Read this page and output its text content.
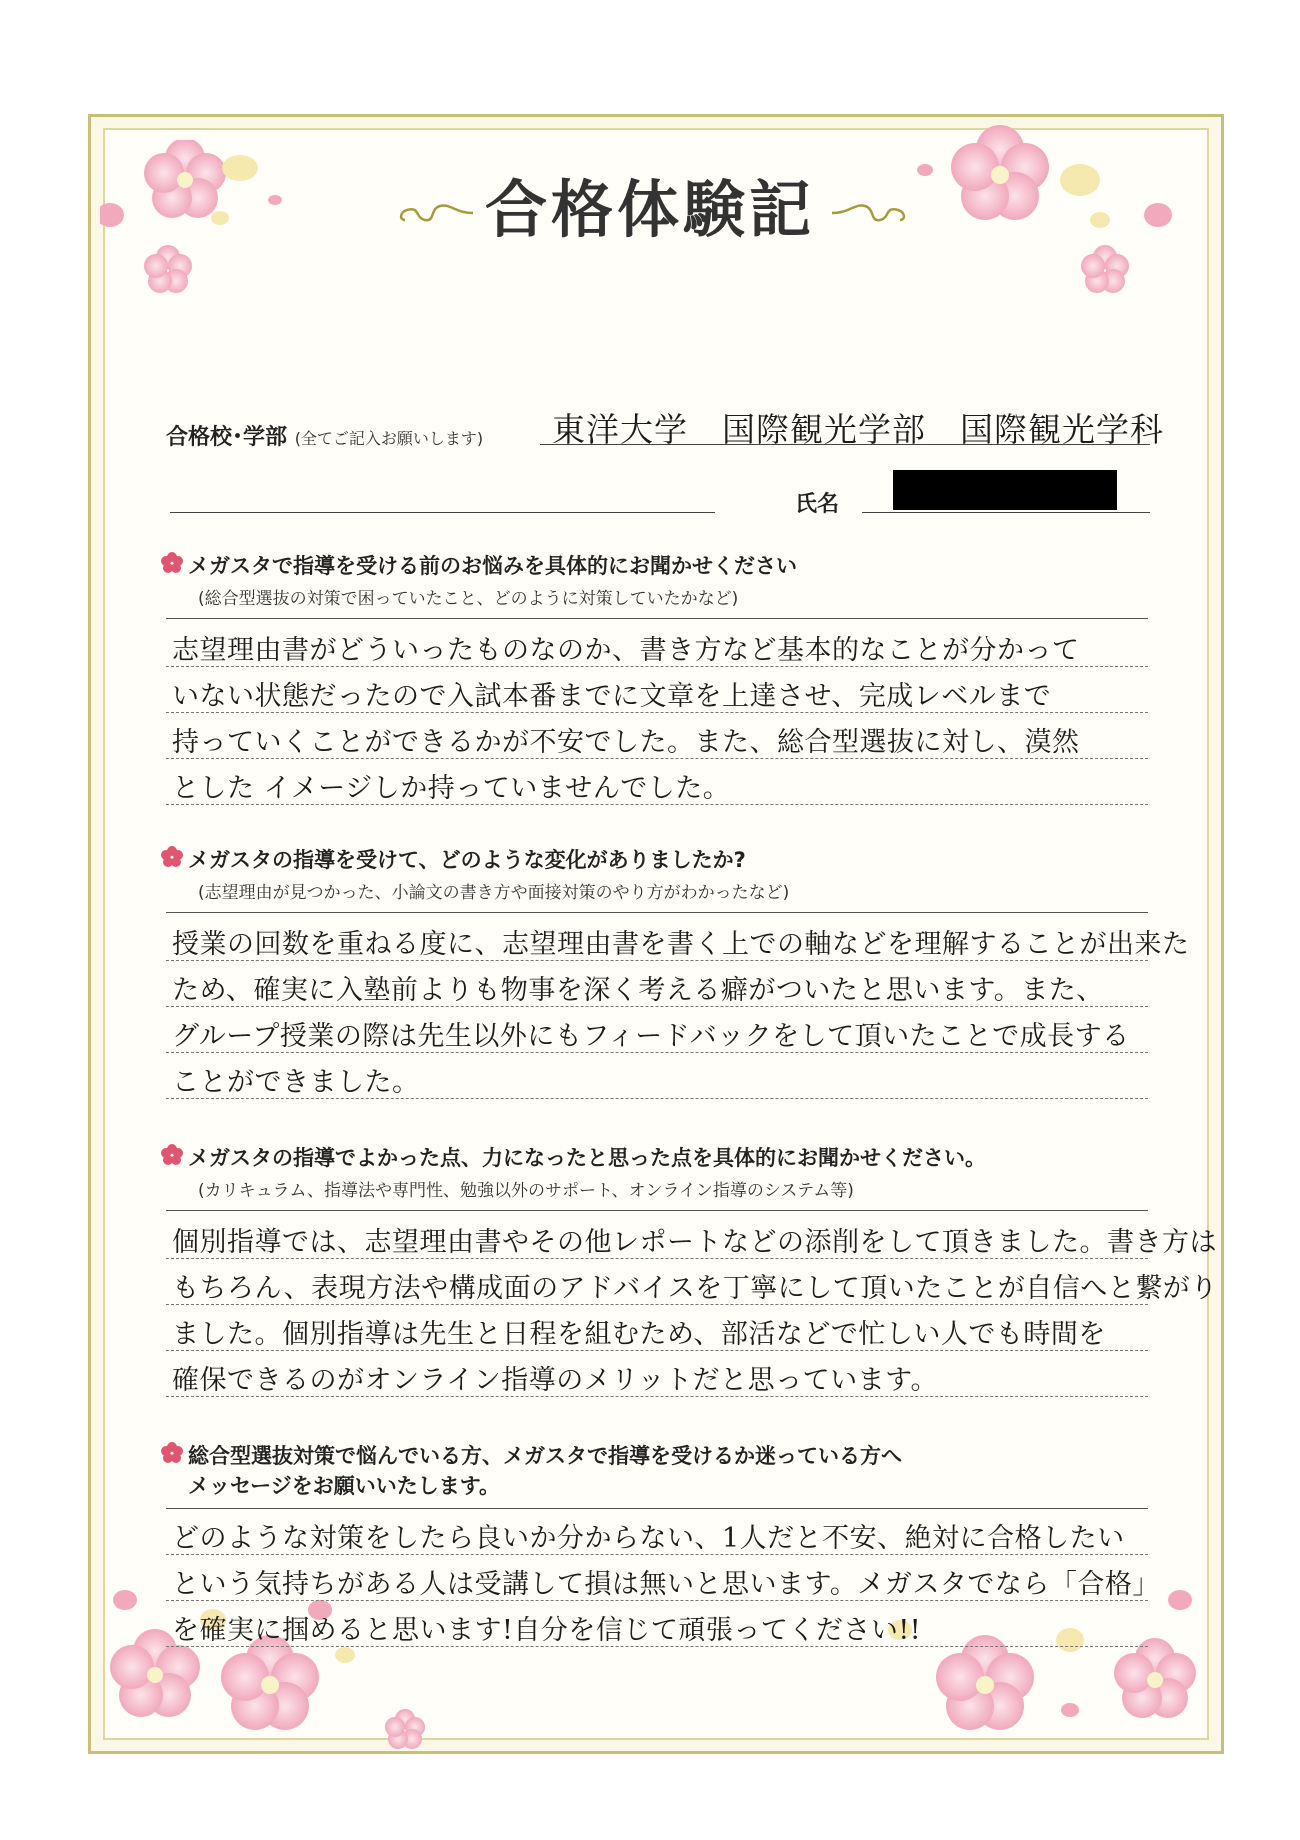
合格体験記
合格校･学部 (全てご記入お願いします) 東洋大学　国際観光学部　国際観光学科
氏名
メガスタで指導を受ける前のお悩みを具体的にお聞かせください
(総合型選抜の対策で困っていたこと、どのように対策していたかなど)
志望理由書がどういったものなのか、書き方など基本的なことが分かって
いない状態だったので入試本番までに文章を上達させ、完成レベルまで
持っていくことができるかが不安でした。また、総合型選抜に対し、漠然
とした イメージしか持っていませんでした。
メガスタの指導を受けて、どのような変化がありましたか?
(志望理由が見つかった、小論文の書き方や面接対策のやり方がわかったなど)
授業の回数を重ねる度に、志望理由書を書く上での軸などを理解することが出来た
ため、確実に入塾前よりも物事を深く考える癖がついたと思います。また、
グループ授業の際は先生以外にもフィードバックをして頂いたことで成長する
ことができました。
メガスタの指導でよかった点、力になったと思った点を具体的にお聞かせください。
(カリキュラム、指導法や専門性、勉強以外のサポート、オンライン指導のシステム等)
個別指導では、志望理由書やその他レポートなどの添削をして頂きました。書き方は
もちろん、表現方法や構成面のアドバイスを丁寧にして頂いたことが自信へと繋がり
ました。個別指導は先生と日程を組むため、部活などで忙しい人でも時間を
確保できるのがオンライン指導のメリットだと思っています。
総合型選抜対策で悩んでいる方、メガスタで指導を受けるか迷っている方へ
メッセージをお願いいたします。
どのような対策をしたら良いか分からない、1人だと不安、絶対に合格したい
という気持ちがある人は受講して損は無いと思います。メガスタでなら「合格」
を確実に掴めると思います!自分を信じて頑張ってください!!
